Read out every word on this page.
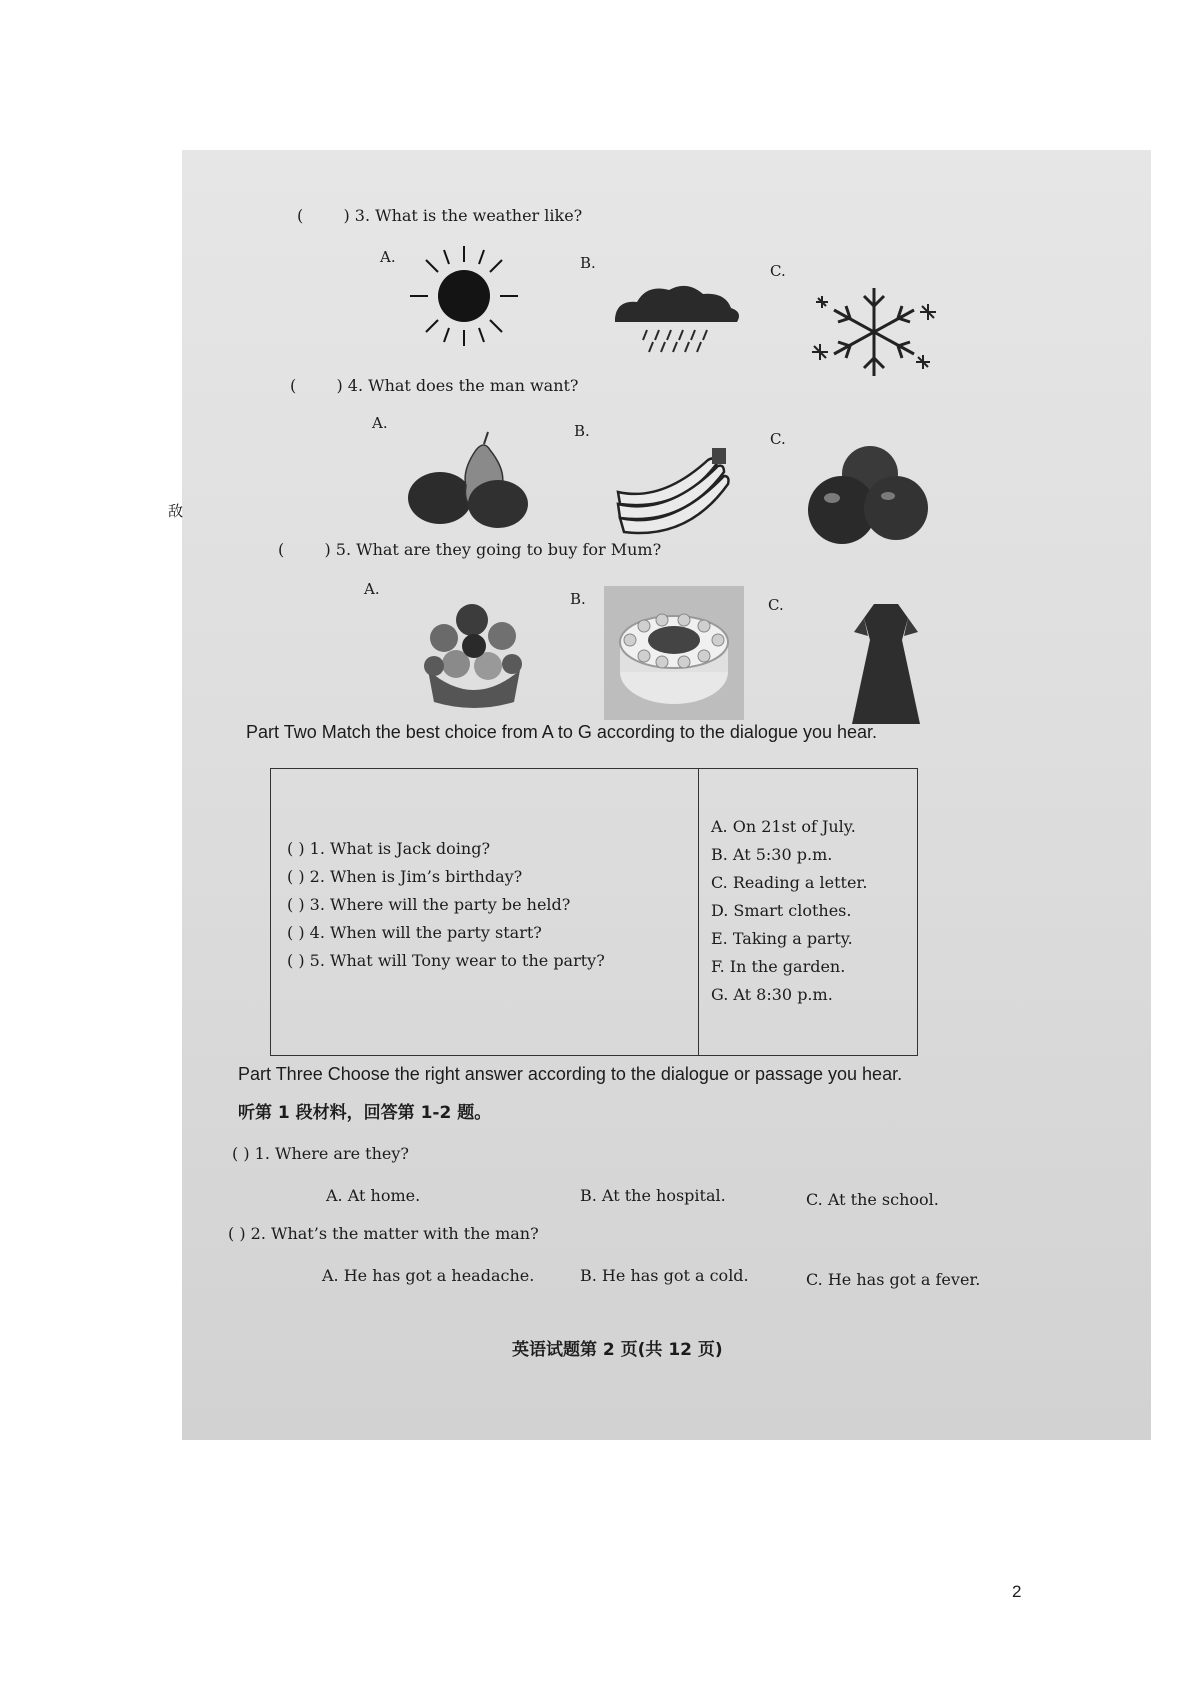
(	) 3. What is the weather like?
A.	B.	C.
(	) 4. What does the man want?
A.	B.	C.
(	) 5. What are they going to buy for Mum?
A.
B.	C.
Part Two Match the best choice from A to G according to the dialogue you hear.
( ) 1. What is Jack doing?
( ) 2. When is Jim’s birthday?
( ) 3. Where will the party be held?
( ) 4. When will the party start?
( ) 5. What will Tony wear to the party?
A. On 21st of July.
B. At 5:30 p.m.
C. Reading a letter.
D. Smart clothes.
E. Taking a party.
F. In the garden.
G. At 8:30 p.m.
Part Three Choose the right answer according to the dialogue or passage you hear.
听第 1 段材料，回答第 1-2 题。
( ) 1. Where are they?
A. At home.	B. At the hospital.	C. At the school.
( ) 2. What’s the matter with the man?
A. He has got a headache.	B. He has got a cold.	C. He has got a fever.
英语试题第 2 页(共 12 页)
敌
2
